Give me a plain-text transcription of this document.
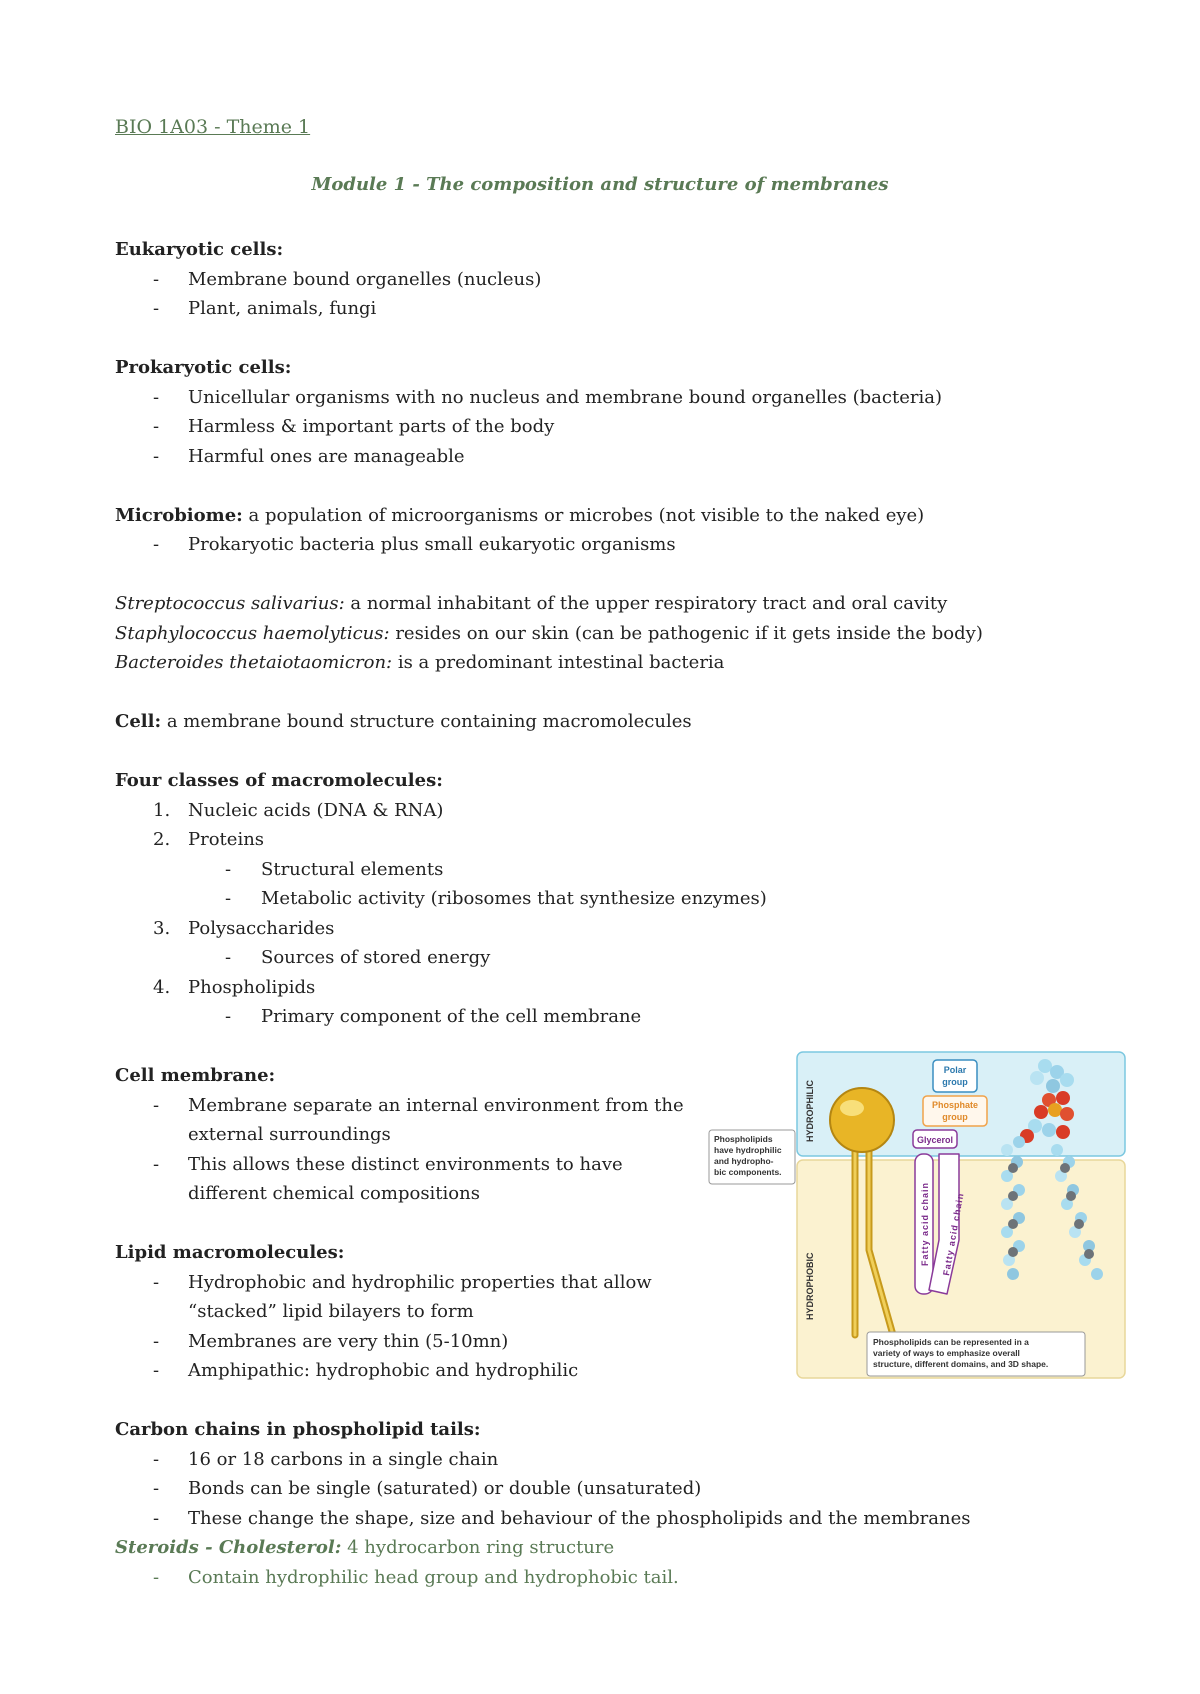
BIO 1A03 - Theme 1
Module 1 - The composition and structure of membranes
Eukaryotic cells:
- Membrane bound organelles (nucleus)
- Plant, animals, fungi
Prokaryotic cells:
- Unicellular organisms with no nucleus and membrane bound organelles (bacteria)
- Harmless & important parts of the body
- Harmful ones are manageable
Microbiome: a population of microorganisms or microbes (not visible to the naked eye)
- Prokaryotic bacteria plus small eukaryotic organisms
Streptococcus salivarius: a normal inhabitant of the upper respiratory tract and oral cavity
Staphylococcus haemolyticus: resides on our skin (can be pathogenic if it gets inside the body)
Bacteroides thetaiotaomicron: is a predominant intestinal bacteria
Cell: a membrane bound structure containing macromolecules
Four classes of macromolecules:
1. Nucleic acids (DNA & RNA)
2. Proteins
- Structural elements
- Metabolic activity (ribosomes that synthesize enzymes)
3. Polysaccharides
- Sources of stored energy
4. Phospholipids
- Primary component of the cell membrane
Cell membrane:
- Membrane separate an internal environment from the
external surroundings
- This allows these distinct environments to have
different chemical compositions
Lipid macromolecules:
- Hydrophobic and hydrophilic properties that allow
“stacked” lipid bilayers to form
- Membranes are very thin (5-10mn)
- Amphipathic: hydrophobic and hydrophilic
Carbon chains in phospholipid tails:
- 16 or 18 carbons in a single chain
- Bonds can be single (saturated) or double (unsaturated)
- These change the shape, size and behaviour of the phospholipids and the membranes
Steroids - Cholesterol: 4 hydrocarbon ring structure
- Contain hydrophilic head group and hydrophobic tail.
HYDROPHILIC
HYDROPHOBIC
Polar
group
Phosphate
group
Glycerol
Fatty acid chain Fatty acid chain
Phospholipids
have hydrophilic
and hydropho-
bic components.
Phospholipids can be represented in a
variety of ways to emphasize overall
structure, different domains, and 3D shape.
